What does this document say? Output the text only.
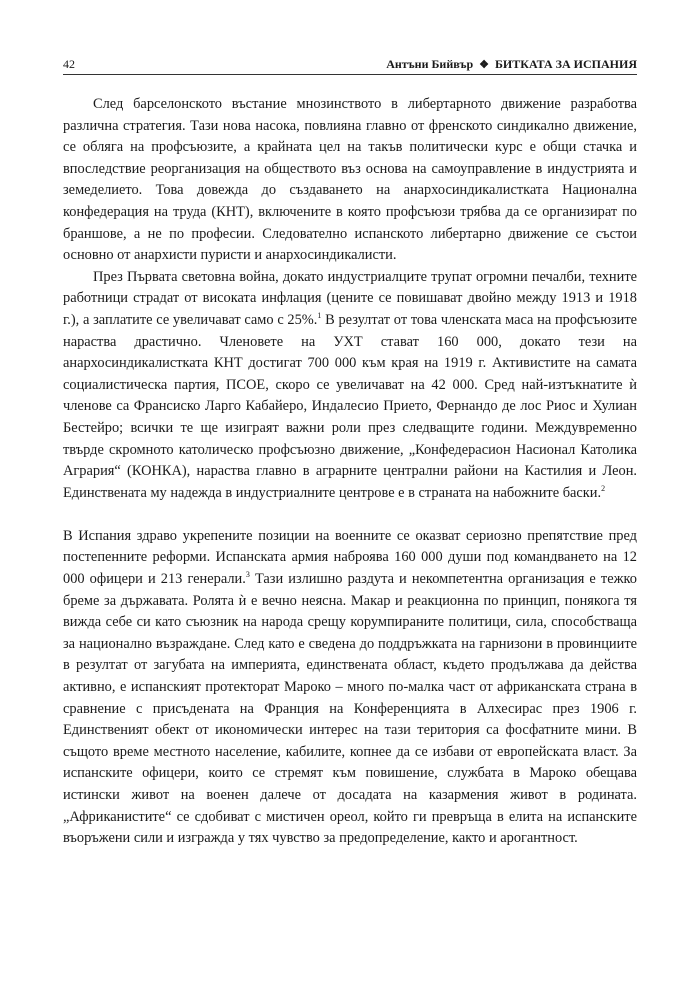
42	Антъни Бийвър ❖ БИТКАТА ЗА ИСПАНИЯ

След барселонското въстание мнозинството в либертарното движение разработва различна стратегия. Тази нова насока, повлияна главно от френското синдикално движение, се обляга на профсъюзите, а крайната цел на такъв политически курс е общи стачка и впоследствие реорганизация на обществото въз основа на самоуправление в индустрията и земеделието. Това довежда до създаването на анархосиндикалистката Национална конфедерация на труда (КНТ), включените в която профсъюзи трябва да се организират по браншове, а не по професии. Следователно испанското либертарно движение се състои основно от анархисти пуристи и анархосиндикалисти.

През Първата световна война, докато индустриалците трупат огромни печалби, техните работници страдат от високата инфлация (цените се повишават двойно между 1913 и 1918 г.), а заплатите се увеличават само с 25%.$^1$ В резултат от това членската маса на профсъюзите нараства драстично. Членовете на УХТ стават 160 000, докато тези на анархосиндикалистката КНТ достигат 700 000 към края на 1919 г. Активистите на самата социалистическа партия, ПСОЕ, скоро се увеличават на 42 000. Сред най-изтъкнатите ѝ членове са Франсиско Ларго Кабайеро, Индалесио Прието, Фернандо де лос Риос и Хулиан Бестейро; всички те ще изиграят важни роли през следващите години. Междувременно твърде скромното католическо профсъюзно движение, „Конфедерасион Насионал Католика Агрария“ (КОНКА), нараства главно в аграрните централни райони на Кастилия и Леон. Единствената му надежда в индустриалните центрове е в страната на набожните баски.$^2$

В Испания здраво укрепените позиции на военните се оказват сериозно препятствие пред постепенните реформи. Испанската армия наброява 160 000 души под командването на 12 000 офицери и 213 генерали.$^3$ Тази излишно раздута и некомпетентна организация е тежко бреме за държавата. Ролята ѝ е вечно неясна. Макар и реакционна по принцип, понякога тя вижда себе си като съюзник на народа срещу корумпираните политици, сила, способстваща за национално възраждане. След като е сведена до поддръжката на гарнизони в провинциите в резултат от загубата на империята, единствената област, където продължава да действа активно, е испанският протекторат Мароко – много по-малка част от африканската страна в сравнение с присъдената на Франция на Конференцията в Алхесирас през 1906 г. Единственият обект от икономически интерес на тази територия са фосфатните мини. В същото време местното население, кабилите, копнее да се избави от европейската власт. За испанските офицери, които се стремят към повишение, службата в Мароко обещава истински живот на военен далече от досадата на казармения живот в родината. „Африканистите“ се сдобиват с мистичен ореол, който ги превръща в елита на испанските въоръжени сили и изгражда у тях чувство за предопределение, както и арогантност.
